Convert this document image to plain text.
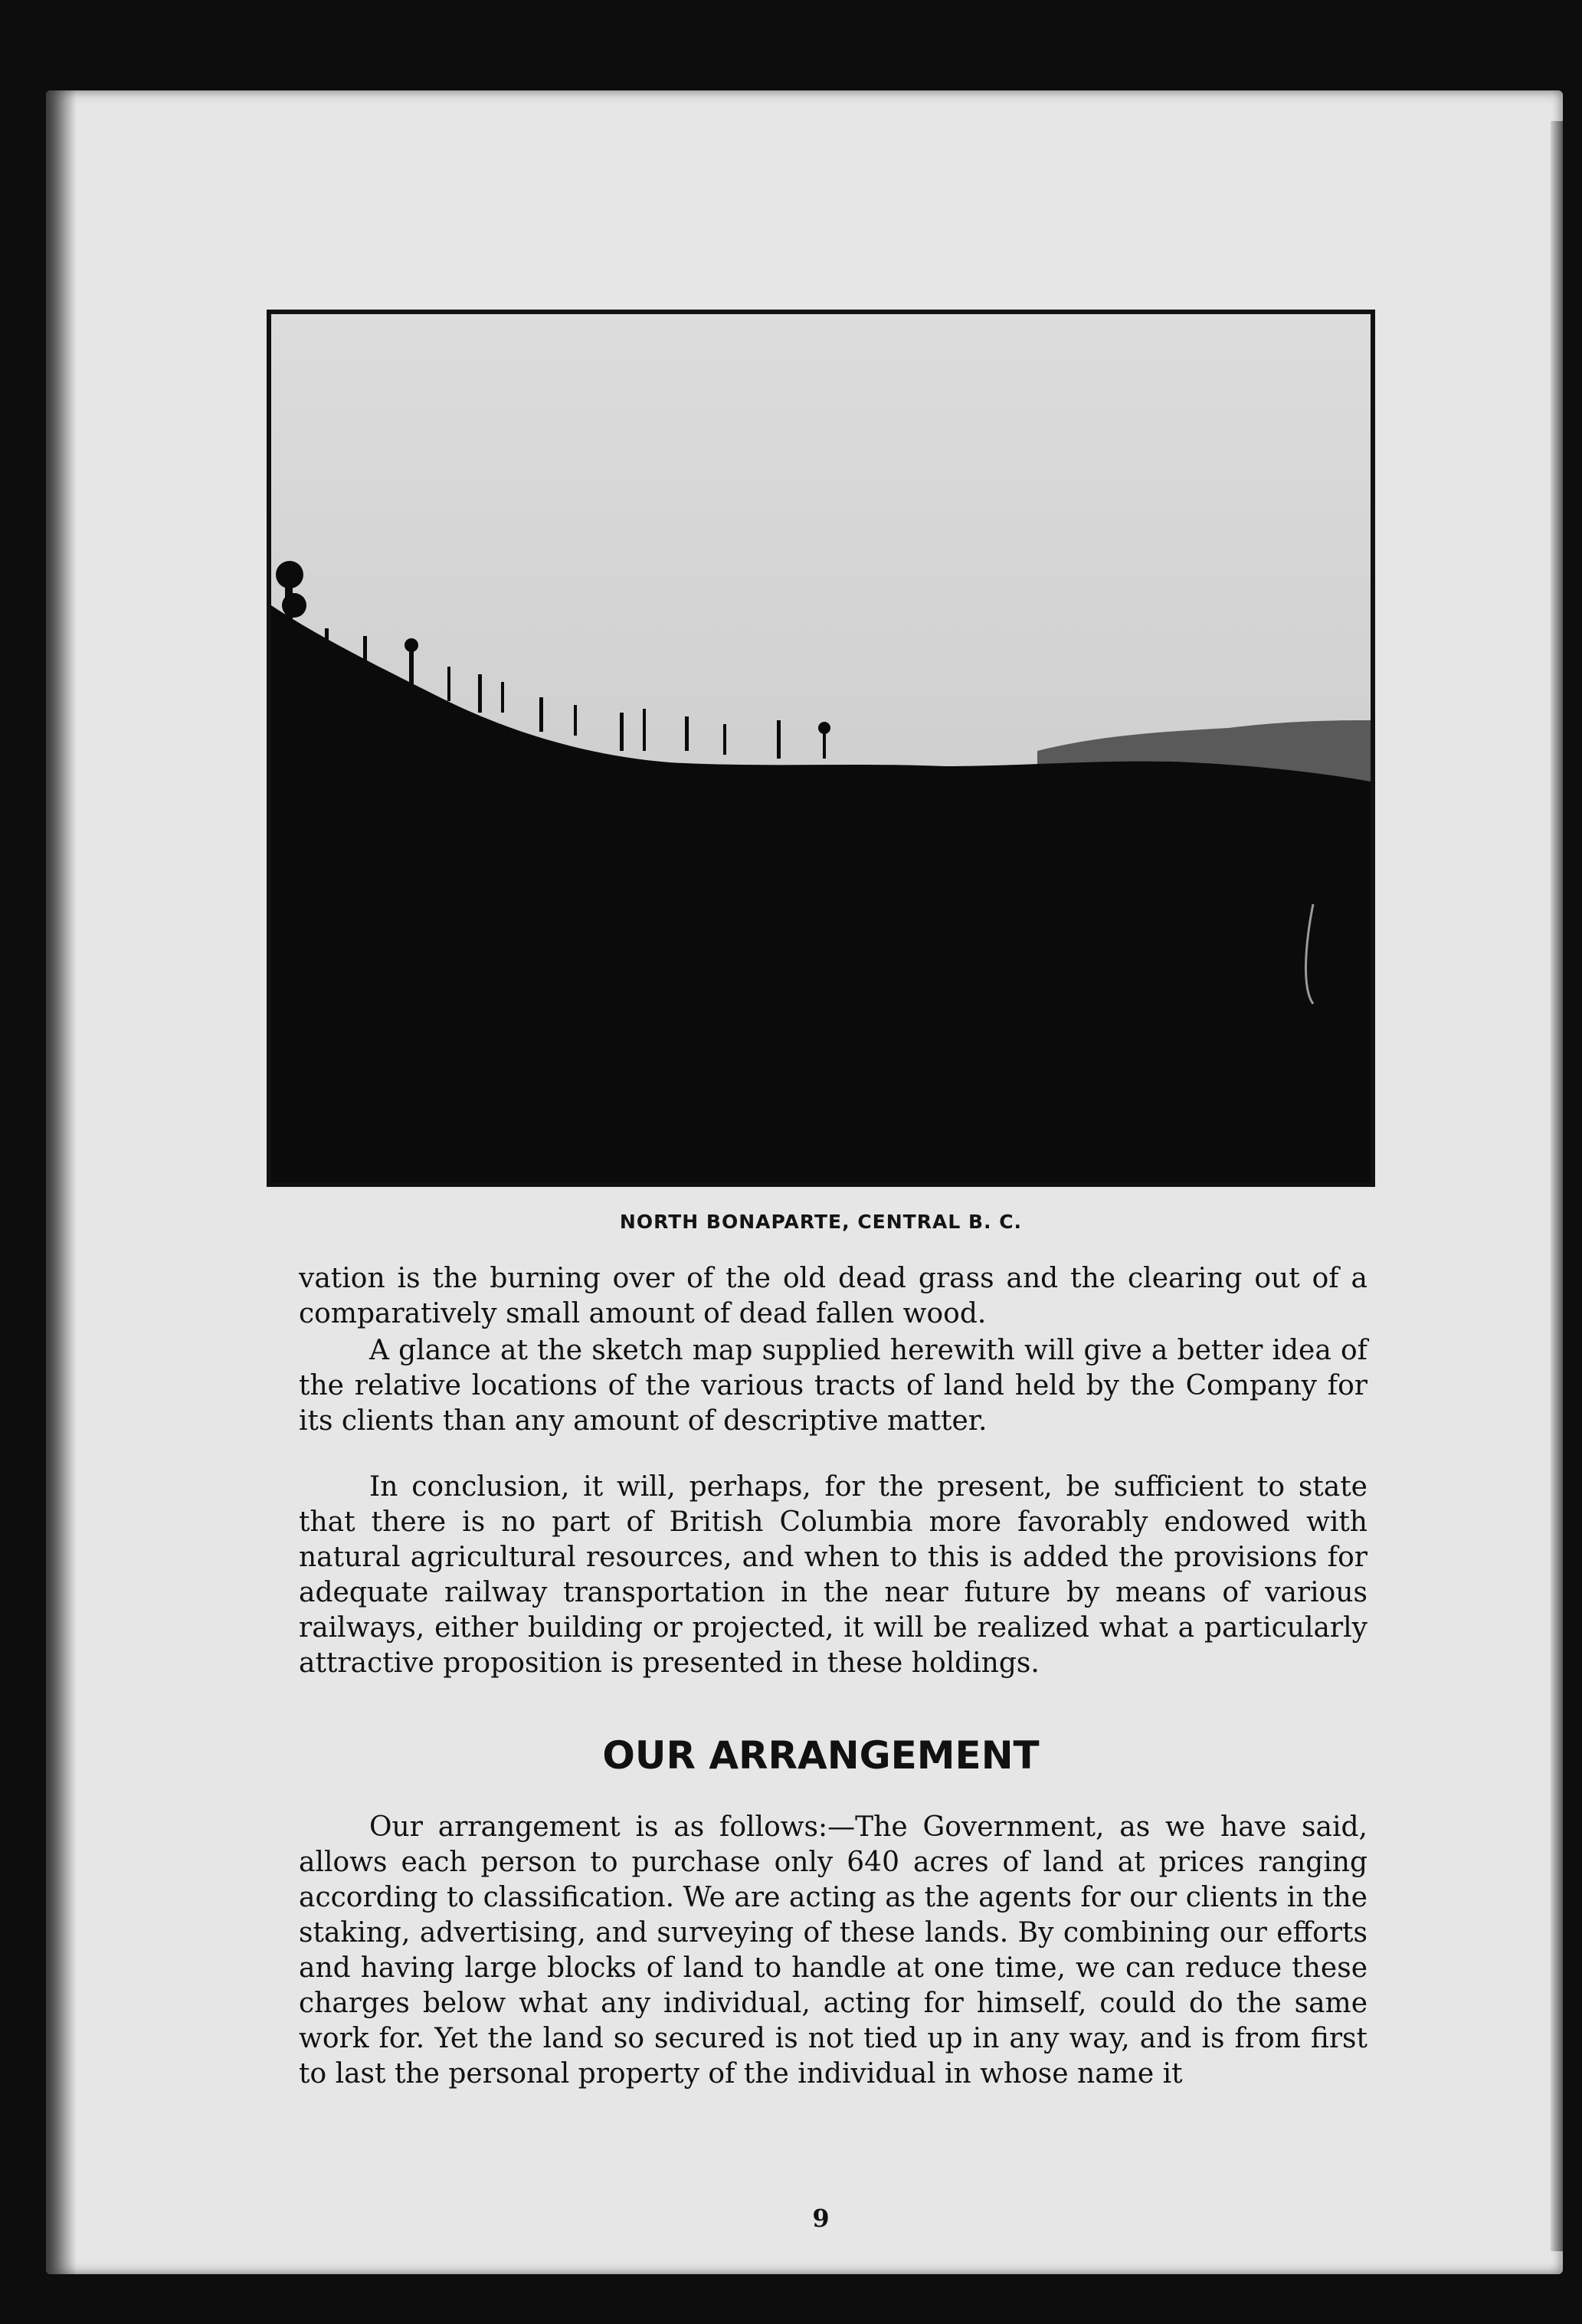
NORTH BONAPARTE, CENTRAL B. C.

vation is the burning over of the old dead grass and the clearing out of a comparatively small amount of dead fallen wood.

A glance at the sketch map supplied herewith will give a better idea of the relative locations of the various tracts of land held by the Company for its clients than any amount of descriptive matter.

In conclusion, it will, perhaps, for the present, be sufficient to state that there is no part of British Columbia more favorably endowed with natural agricultural resources, and when to this is added the provisions for adequate railway transportation in the near future by means of various railways, either building or projected, it will be realized what a particularly attractive proposition is presented in these holdings.

OUR ARRANGEMENT

Our arrangement is as follows:—The Government, as we have said, allows each person to purchase only 640 acres of land at prices ranging according to classification. We are acting as the agents for our clients in the staking, advertising, and surveying of these lands. By combining our efforts and having large blocks of land to handle at one time, we can reduce these charges below what any individual, acting for himself, could do the same work for. Yet the land so secured is not tied up in any way, and is from first to last the personal property of the individual in whose name it

9
